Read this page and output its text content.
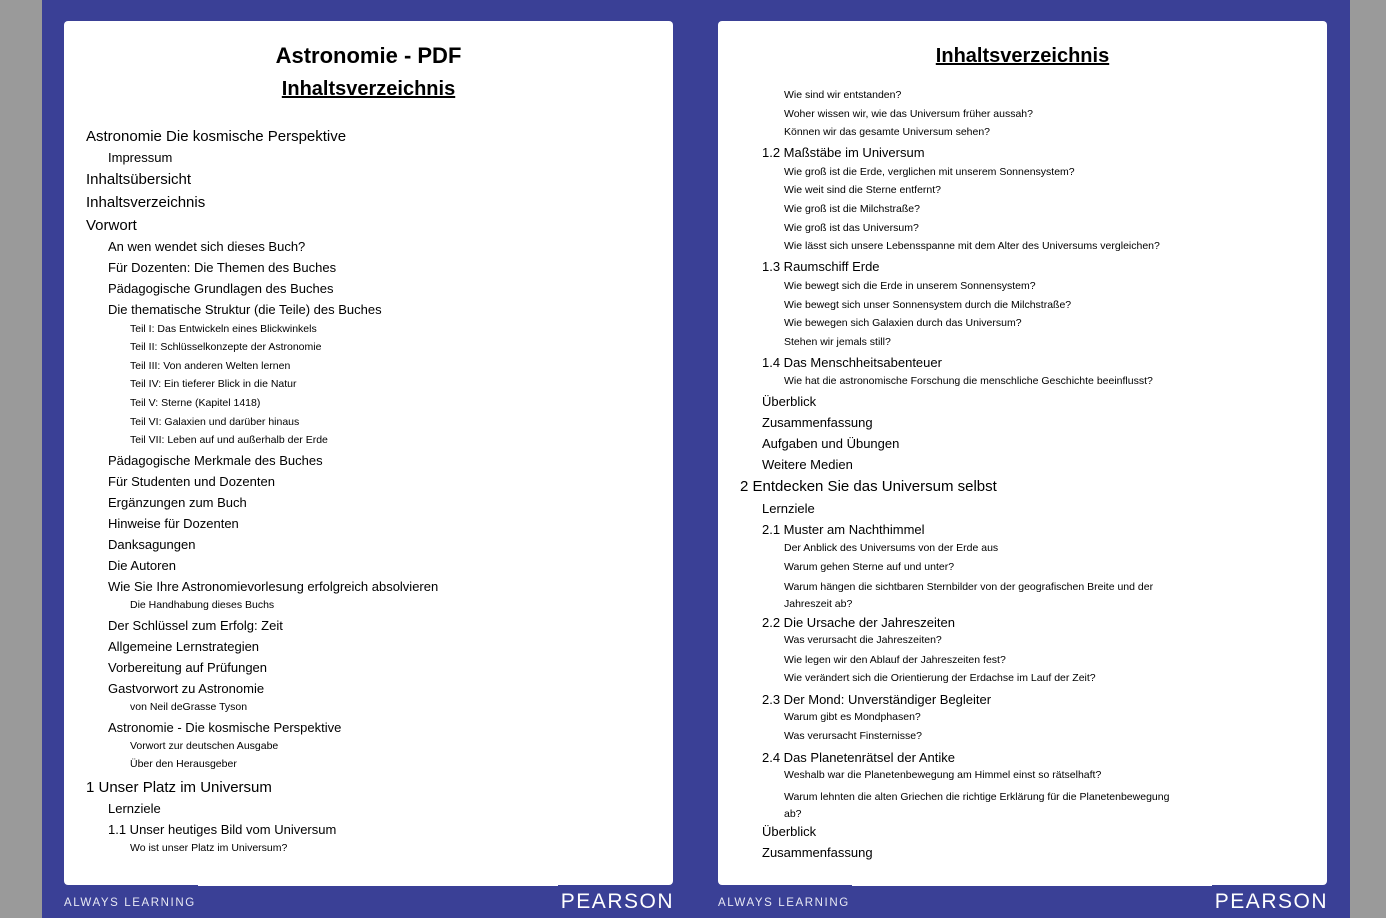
Astronomie - PDF
Inhaltsverzeichnis
Astronomie Die kosmische Perspektive
Impressum
Inhaltsübersicht
Inhaltsverzeichnis
Vorwort
An wen wendet sich dieses Buch?
Für Dozenten: Die Themen des Buches
Pädagogische Grundlagen des Buches
Die thematische Struktur (die Teile) des Buches
Teil I: Das Entwickeln eines Blickwinkels
Teil II: Schlüsselkonzepte der Astronomie
Teil III: Von anderen Welten lernen
Teil IV: Ein tieferer Blick in die Natur
Teil V: Sterne (Kapitel 1418)
Teil VI: Galaxien und darüber hinaus
Teil VII: Leben auf und außerhalb der Erde
Pädagogische Merkmale des Buches
Für Studenten und Dozenten
Ergänzungen zum Buch
Hinweise für Dozenten
Danksagungen
Die Autoren
Wie Sie Ihre Astronomievorlesung erfolgreich absolvieren
Die Handhabung dieses Buchs
Der Schlüssel zum Erfolg: Zeit
Allgemeine Lernstrategien
Vorbereitung auf Prüfungen
Gastvorwort zu Astronomie
von Neil deGrasse Tyson
Astronomie - Die kosmische Perspektive
Vorwort zur deutschen Ausgabe
Über den Herausgeber
1 Unser Platz im Universum
Lernziele
1.1 Unser heutiges Bild vom Universum
Wo ist unser Platz im Universum?
ALWAYS LEARNING	PEARSON
Inhaltsverzeichnis
Wie sind wir entstanden?
Woher wissen wir, wie das Universum früher aussah?
Können wir das gesamte Universum sehen?
1.2 Maßstäbe im Universum
Wie groß ist die Erde, verglichen mit unserem Sonnensystem?
Wie weit sind die Sterne entfernt?
Wie groß ist die Milchstraße?
Wie groß ist das Universum?
Wie lässt sich unsere Lebensspanne mit dem Alter des Universums vergleichen?
1.3 Raumschiff Erde
Wie bewegt sich die Erde in unserem Sonnensystem?
Wie bewegt sich unser Sonnensystem durch die Milchstraße?
Wie bewegen sich Galaxien durch das Universum?
Stehen wir jemals still?
1.4 Das Menschheitsabenteuer
Wie hat die astronomische Forschung die menschliche Geschichte beeinflusst?
Überblick
Zusammenfassung
Aufgaben und Übungen
Weitere Medien
2 Entdecken Sie das Universum selbst
Lernziele
2.1 Muster am Nachthimmel
Der Anblick des Universums von der Erde aus
Warum gehen Sterne auf und unter?
Warum hängen die sichtbaren Sternbilder von der geografischen Breite und der Jahreszeit ab?
2.2 Die Ursache der Jahreszeiten
Was verursacht die Jahreszeiten?
Wie legen wir den Ablauf der Jahreszeiten fest?
Wie verändert sich die Orientierung der Erdachse im Lauf der Zeit?
2.3 Der Mond: Unverständiger Begleiter
Warum gibt es Mondphasen?
Was verursacht Finsternisse?
2.4 Das Planetenrätsel der Antike
Weshalb war die Planetenbewegung am Himmel einst so rätselhaft?
Warum lehnten die alten Griechen die richtige Erklärung für die Planetenbewegung ab?
Überblick
Zusammenfassung
ALWAYS LEARNING	PEARSON
